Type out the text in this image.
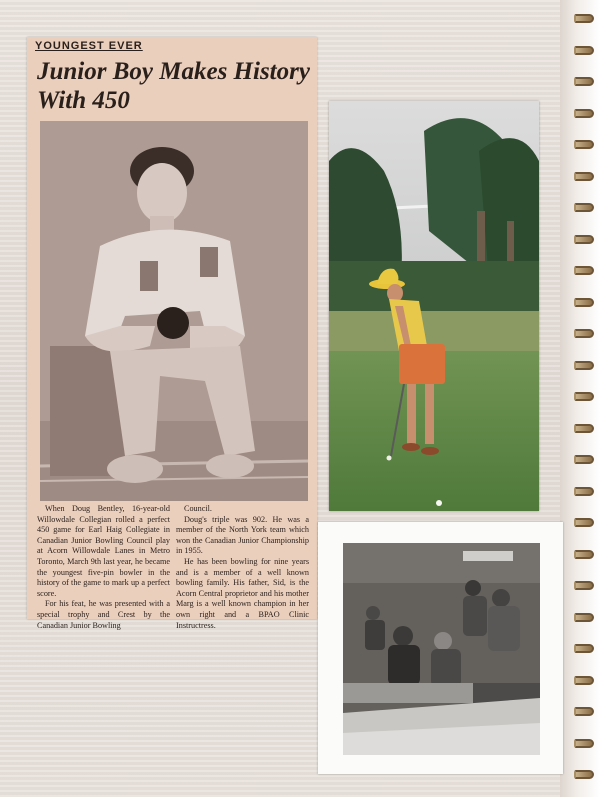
YOUNGEST EVER
Junior Boy Makes History With 450

When Doug Bentley, 16-year-old Willowdale Collegian rolled a perfect 450 game for Earl Haig Collegiate in Canadian Junior Bowling Council play at Acorn Willowdale Lanes in Metro Toronto, March 9th last year, he became the youngest five-pin bowler in the history of the game to mark up a perfect score.

For his feat, he was presented with a special trophy and Crest by the Canadian Junior Bowling

Council.

Doug's triple was 902. He was a member of the North York team which won the Canadian Junior Championship in 1955.

He has been bowling for nine years and is a member of a well known bowling family. His father, Sid, is the Acorn Central proprietor and his mother Marg is a well known champion in her own right and a BPAO Clinic Instructress.
